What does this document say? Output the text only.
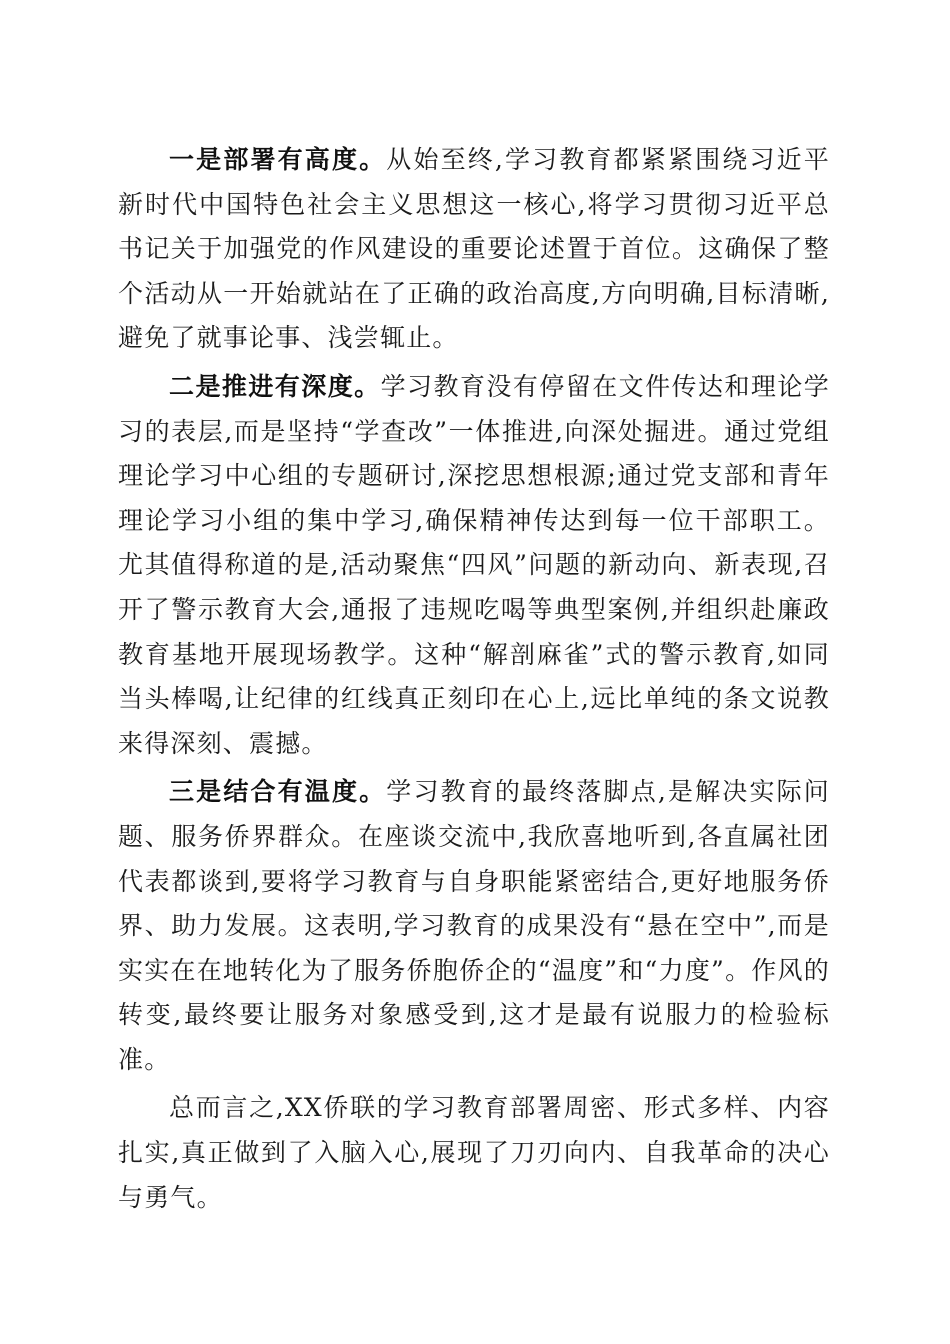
一是部署有高度。从始至终,学习教育都紧紧围绕习近平新时代中国特色社会主义思想这一核心,将学习贯彻习近平总书记关于加强党的作风建设的重要论述置于首位。这确保了整个活动从一开始就站在了正确的政治高度,方向明确,目标清晰,避免了就事论事、浅尝辄止。

二是推进有深度。学习教育没有停留在文件传达和理论学习的表层,而是坚持“学查改”一体推进,向深处掘进。通过党组理论学习中心组的专题研讨,深挖思想根源;通过党支部和青年理论学习小组的集中学习,确保精神传达到每一位干部职工。尤其值得称道的是,活动聚焦“四风”问题的新动向、新表现,召开了警示教育大会,通报了违规吃喝等典型案例,并组织赴廉政教育基地开展现场教学。这种“解剖麻雀”式的警示教育,如同当头棒喝,让纪律的红线真正刻印在心上,远比单纯的条文说教来得深刻、震撼。

三是结合有温度。学习教育的最终落脚点,是解决实际问题、服务侨界群众。在座谈交流中,我欣喜地听到,各直属社团代表都谈到,要将学习教育与自身职能紧密结合,更好地服务侨界、助力发展。这表明,学习教育的成果没有“悬在空中”,而是实实在在地转化为了服务侨胞侨企的“温度”和“力度”。作风的转变,最终要让服务对象感受到,这才是最有说服力的检验标准。

总而言之,XX侨联的学习教育部署周密、形式多样、内容扎实,真正做到了入脑入心,展现了刀刃向内、自我革命的决心与勇气。
